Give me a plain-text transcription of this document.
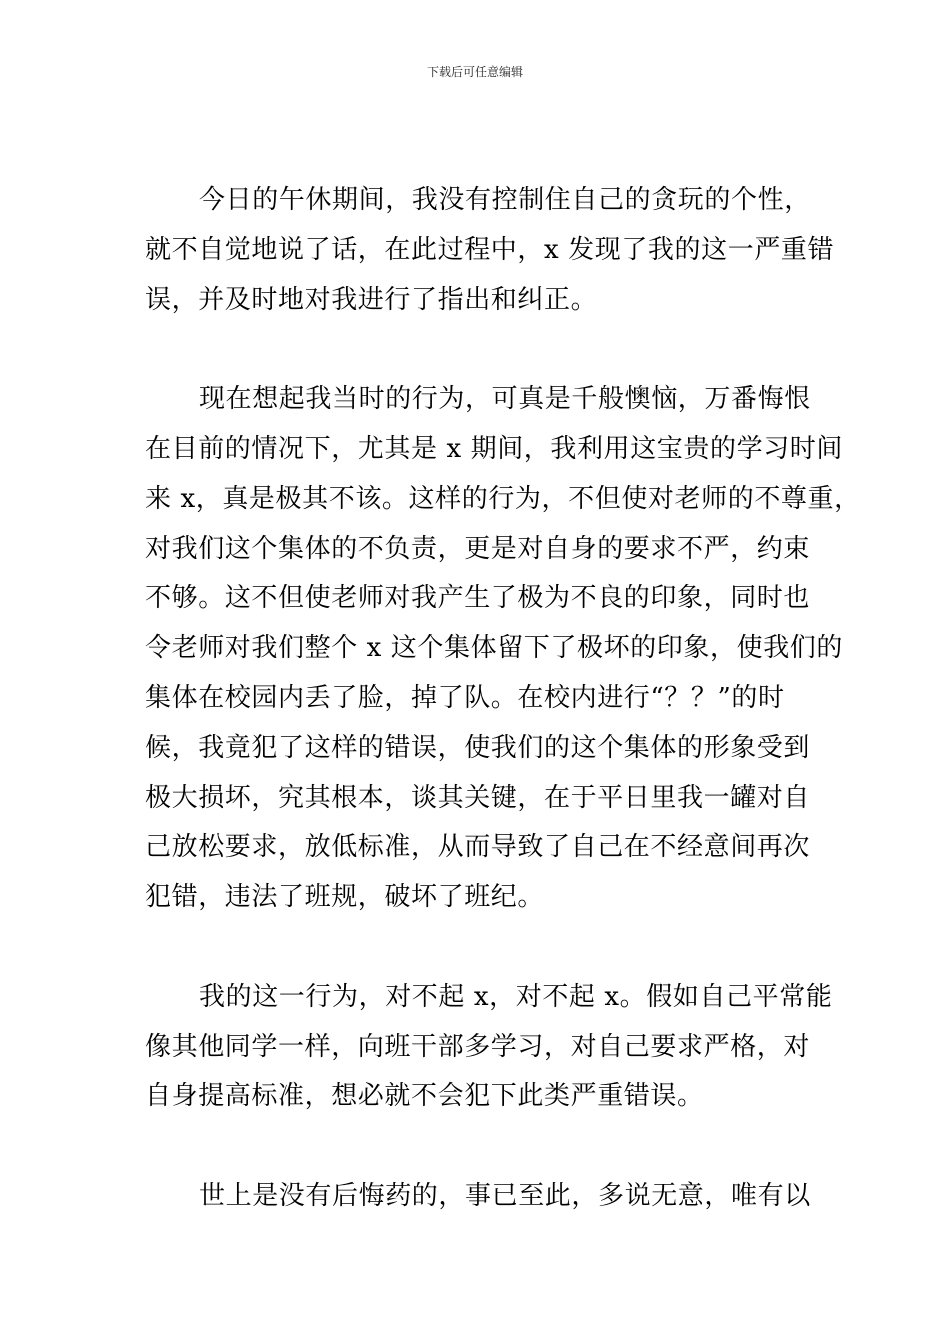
下载后可任意编辑
今日的午休期间，我没有控制住自己的贪玩的个性，
就不自觉地说了话，在此过程中，x 发现了我的这一严重错
误，并及时地对我进行了指出和纠正。
现在想起我当时的行为，可真是千般懊恼，万番悔恨
在目前的情况下，尤其是 x 期间，我利用这宝贵的学习时间
来 x，真是极其不该。这样的行为，不但使对老师的不尊重，
对我们这个集体的不负责，更是对自身的要求不严，约束
不够。这不但使老师对我产生了极为不良的印象，同时也
令老师对我们整个 x 这个集体留下了极坏的印象，使我们的
集体在校园内丢了脸，掉了队。在校内进行“？？”的时
候，我竟犯了这样的错误，使我们的这个集体的形象受到
极大损坏，究其根本，谈其关键，在于平日里我一罐对自
己放松要求，放低标准，从而导致了自己在不经意间再次
犯错，违法了班规，破坏了班纪。
我的这一行为，对不起 x，对不起 x。假如自己平常能
像其他同学一样，向班干部多学习，对自己要求严格，对
自身提高标准，想必就不会犯下此类严重错误。
世上是没有后悔药的，事已至此，多说无意，唯有以
